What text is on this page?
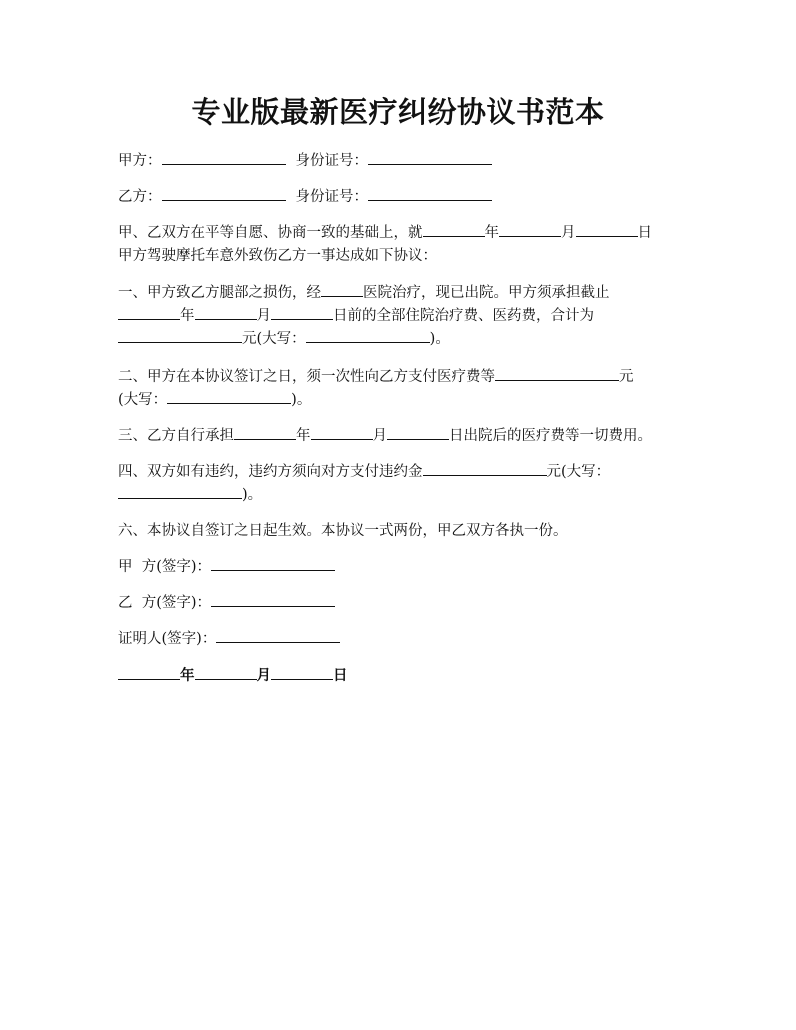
专业版最新医疗纠纷协议书范本
甲方：	身份证号：
乙方：	身份证号：
甲、乙双方在平等自愿、协商一致的基础上，就	年	月	日
甲方驾驶摩托车意外致伤乙方一事达成如下协议：
一、甲方致乙方腿部之损伤，经	医院治疗，现已出院。甲方须承担截止
年	月	日前的全部住院治疗费、医药费，合计为
元(大写：	)。
二、甲方在本协议签订之日，须一次性向乙方支付医疗费等	元
(大写：	)。
三、乙方自行承担	年	月	日出院后的医疗费等一切费用。
四、双方如有违约，违约方须向对方支付违约金	元(大写：
)。
六、本协议自签订之日起生效。本协议一式两份，甲乙双方各执一份。
甲  方(签字)：
乙  方(签字)：
证明人(签字)：
年	月	日
